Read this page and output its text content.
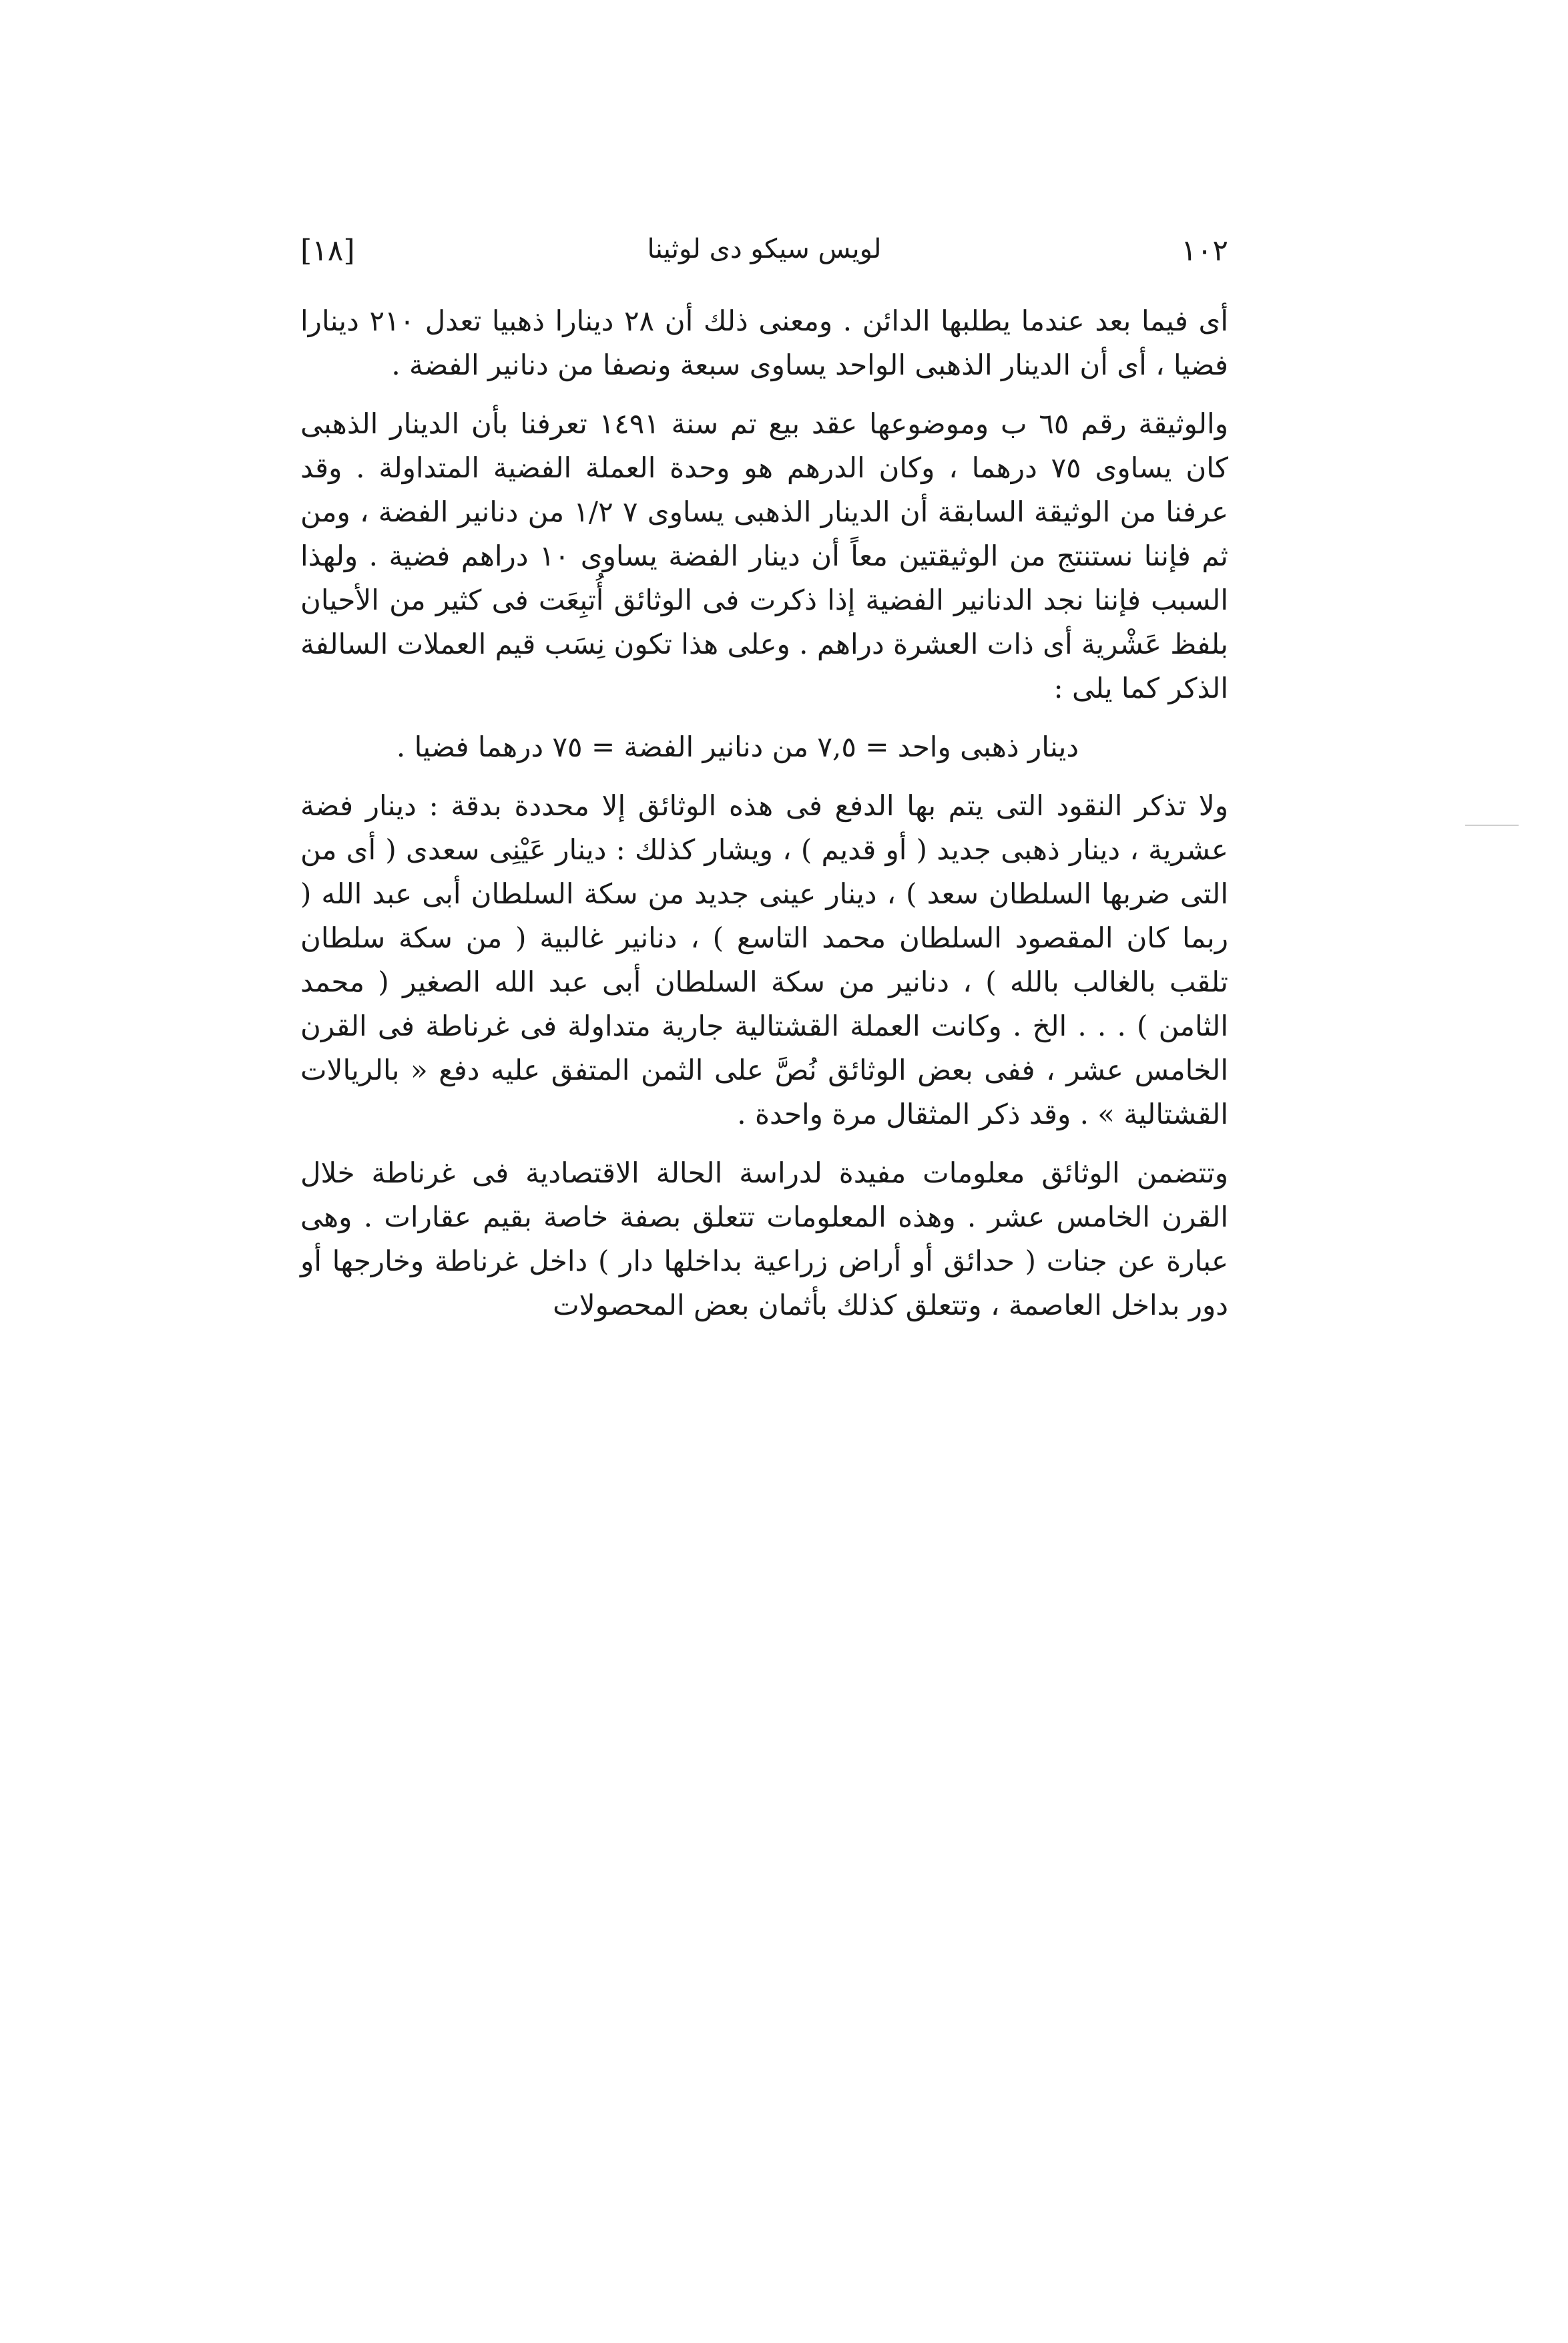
[١٨]	لويس سيكو دى لوثينا	١٠٢

أى فيما بعد عندما يطلبها الدائن . ومعنى ذلك أن ٢٨ دينارا ذهبيا تعدل ٢١٠ دينارا فضيا ، أى أن الدينار الذهبى الواحد يساوى سبعة ونصفا من دنانير الفضة .

والوثيقة رقم ٦٥ ب وموضوعها عقد بيع تم سنة ١٤٩١ تعرفنا بأن الدينار الذهبى كان يساوى ٧٥ درهما ، وكان الدرهم هو وحدة العملة الفضية المتداولة . وقد عرفنا من الوثيقة السابقة أن الدينار الذهبى يساوى ٧ ١/٢ من دنانير الفضة ، ومن ثم فإننا نستنتج من الوثيقتين معاً أن دينار الفضة يساوى ١٠ دراهم فضية . ولهذا السبب فإننا نجد الدنانير الفضية إذا ذكرت فى الوثائق أُتبِعَت فى كثير من الأحيان بلفظ عَشْرية أى ذات العشرة دراهم . وعلى هذا تكون نِسَب قيم العملات السالفة الذكر كما يلى :

دينار ذهبى واحد = ٧,٥ من دنانير الفضة = ٧٥ درهما فضيا .

ولا تذكر النقود التى يتم بها الدفع فى هذه الوثائق إلا محددة بدقة : دينار فضة عشرية ، دينار ذهبى جديد ( أو قديم ) ، ويشار كذلك : دينار عَيْنِى سعدى ( أى من التى ضربها السلطان سعد ) ، دينار عينى جديد من سكة السلطان أبى عبد الله ( ربما كان المقصود السلطان محمد التاسع ) ، دنانير غالبية ( من سكة سلطان تلقب بالغالب بالله ) ، دنانير من سكة السلطان أبى عبد الله الصغير ( محمد الثامن ) . . . الخ . وكانت العملة القشتالية جارية متداولة فى غرناطة فى القرن الخامس عشر ، ففى بعض الوثائق نُصَّ على الثمن المتفق عليه دفع « بالريالات القشتالية » . وقد ذكر المثقال مرة واحدة .

وتتضمن الوثائق معلومات مفيدة لدراسة الحالة الاقتصادية فى غرناطة خلال القرن الخامس عشر . وهذه المعلومات تتعلق بصفة خاصة بقيم عقارات . وهى عبارة عن جنات ( حدائق أو أراض زراعية بداخلها دار ) داخل غرناطة وخارجها أو دور بداخل العاصمة ، وتتعلق كذلك بأثمان بعض المحصولات
